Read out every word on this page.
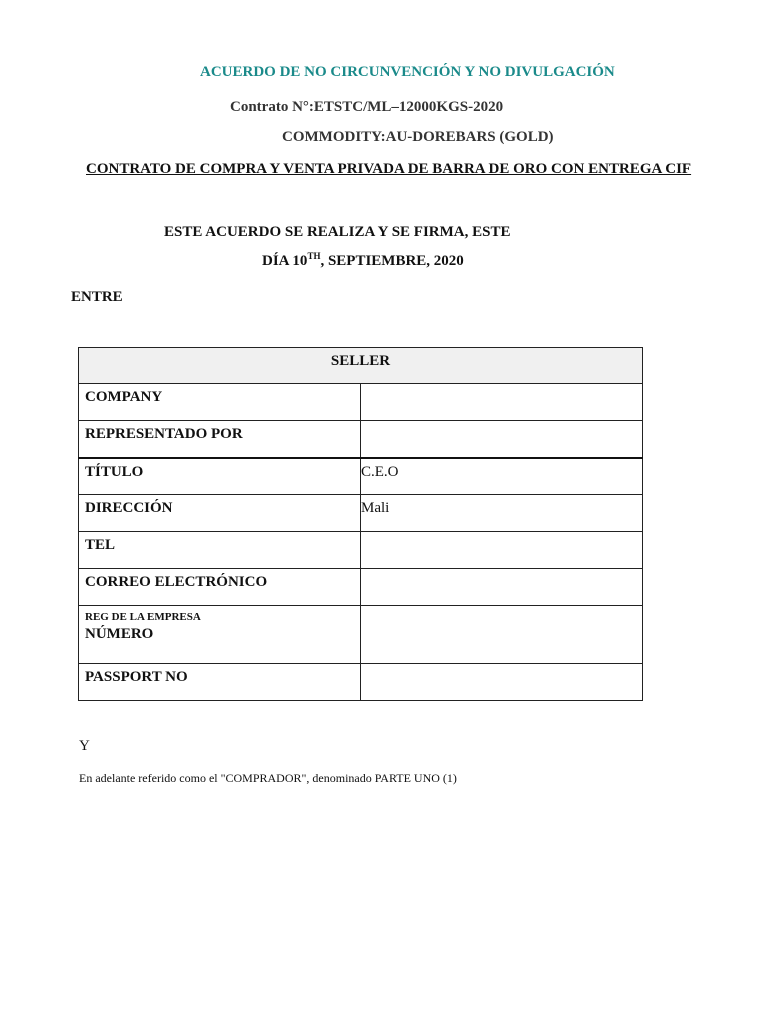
ACUERDO DE NO CIRCUNVENCIÓN Y NO DIVULGACIÓN
Contrato N°:ETSTC/ML–12000KGS-2020
COMMODITY:AU-DOREBARS (GOLD)
CONTRATO DE COMPRA Y VENTA PRIVADA DE BARRA DE ORO CON ENTREGA CIF
ESTE ACUERDO SE REALIZA Y SE FIRMA, ESTE
DÍA 10TH, SEPTIEMBRE, 2020
ENTRE
SELLER	
COMPANY	
REPRESENTADO POR	
TÍTULO	C.E.O
DIRECCIÓN	Mali
TEL	
CORREO ELECTRÓNICO	

REG DE LA EMPRESA
NÚMERO	

PASSPORT NO	
Y
En adelante referido como el "COMPRADOR", denominado PARTE UNO (1)
